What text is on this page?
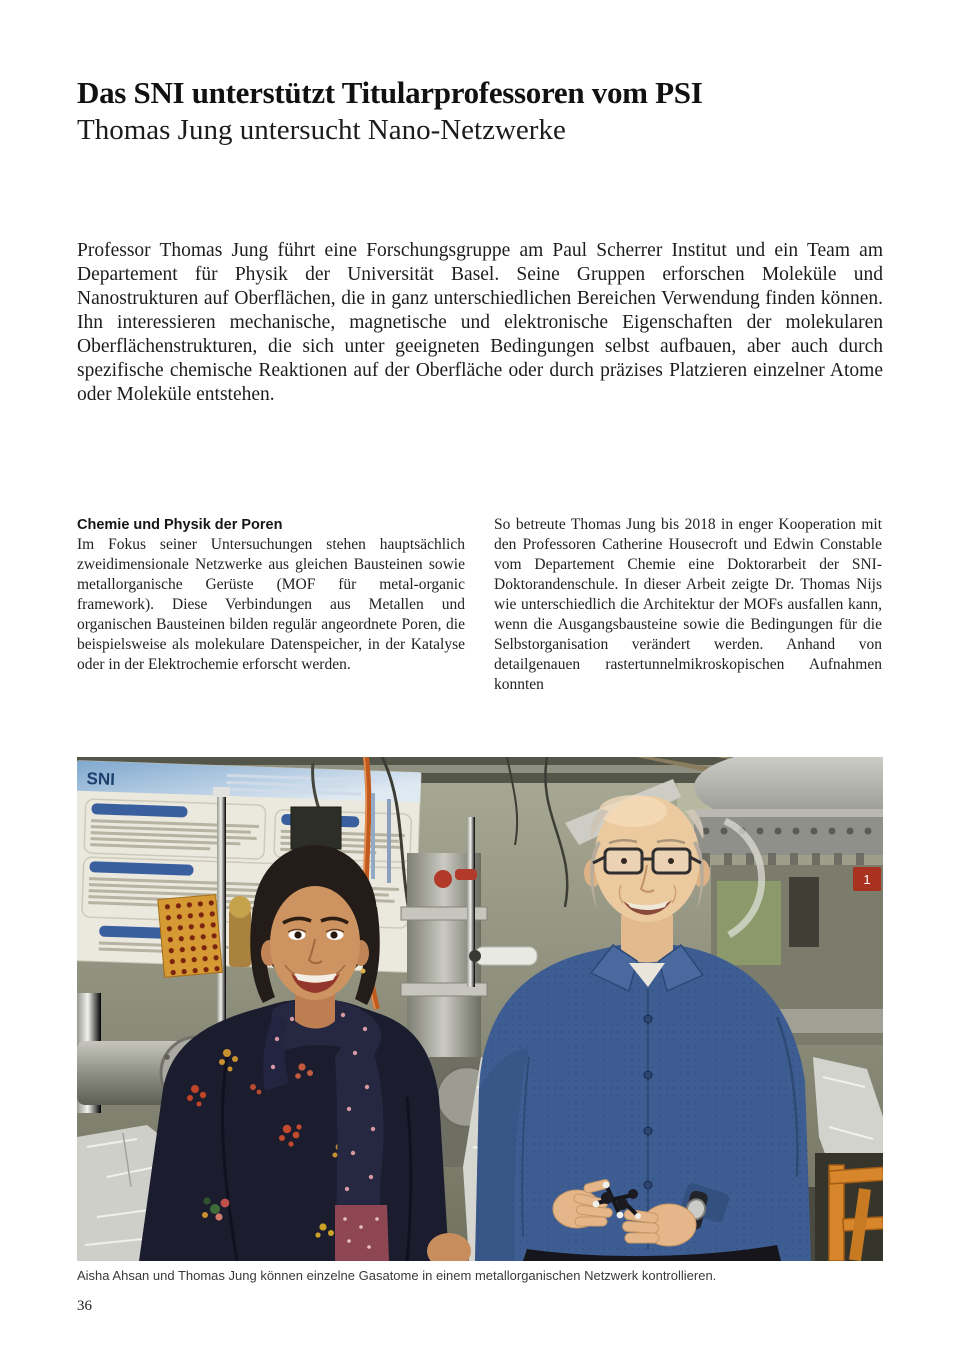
Das SNI unterstützt Titularprofessoren vom PSI
Thomas Jung untersucht Nano-Netzwerke

Professor Thomas Jung führt eine Forschungsgruppe am Paul Scherrer Institut und ein Team am Departement für Physik der Universität Basel. Seine Gruppen erforschen Moleküle und Nanostrukturen auf Oberflächen, die in ganz unterschiedlichen Bereichen Verwendung finden können. Ihn interessieren mechanische, magnetische und elektronische Eigenschaften der molekularen Oberflächenstrukturen, die sich unter geeigneten Bedingungen selbst aufbauen, aber auch durch spezifische chemische Reaktionen auf der Oberfläche oder durch präzises Platzieren einzelner Atome oder Moleküle entstehen.

Chemie und Physik der Poren

Im Fokus seiner Untersuchungen stehen hauptsächlich zweidimensionale Netzwerke aus gleichen Bausteinen sowie metallorganische Gerüste (MOF für metal-organic framework). Diese Verbindungen aus Metallen und organischen Bausteinen bilden regulär angeordnete Poren, die beispielsweise als molekulare Datenspeicher, in der Katalyse oder in der Elektrochemie erforscht werden.

So betreute Thomas Jung bis 2018 in enger Kooperation mit den Professoren Catherine Housecroft und Edwin Constable vom Departement Chemie eine Doktorarbeit der SNI-Doktorandenschule. In dieser Arbeit zeigte Dr. Thomas Nijs wie unterschiedlich die Architektur der MOFs ausfallen kann, wenn die Ausgangsbausteine sowie die Bedingungen für die Selbstorganisation verändert werden. Anhand von detailgenauen rastertunnelmikroskopischen Aufnahmen konnten

SNI
1
Aisha Ahsan und Thomas Jung können einzelne Gasatome in einem metallorganischen Netzwerk kontrollieren.
36
